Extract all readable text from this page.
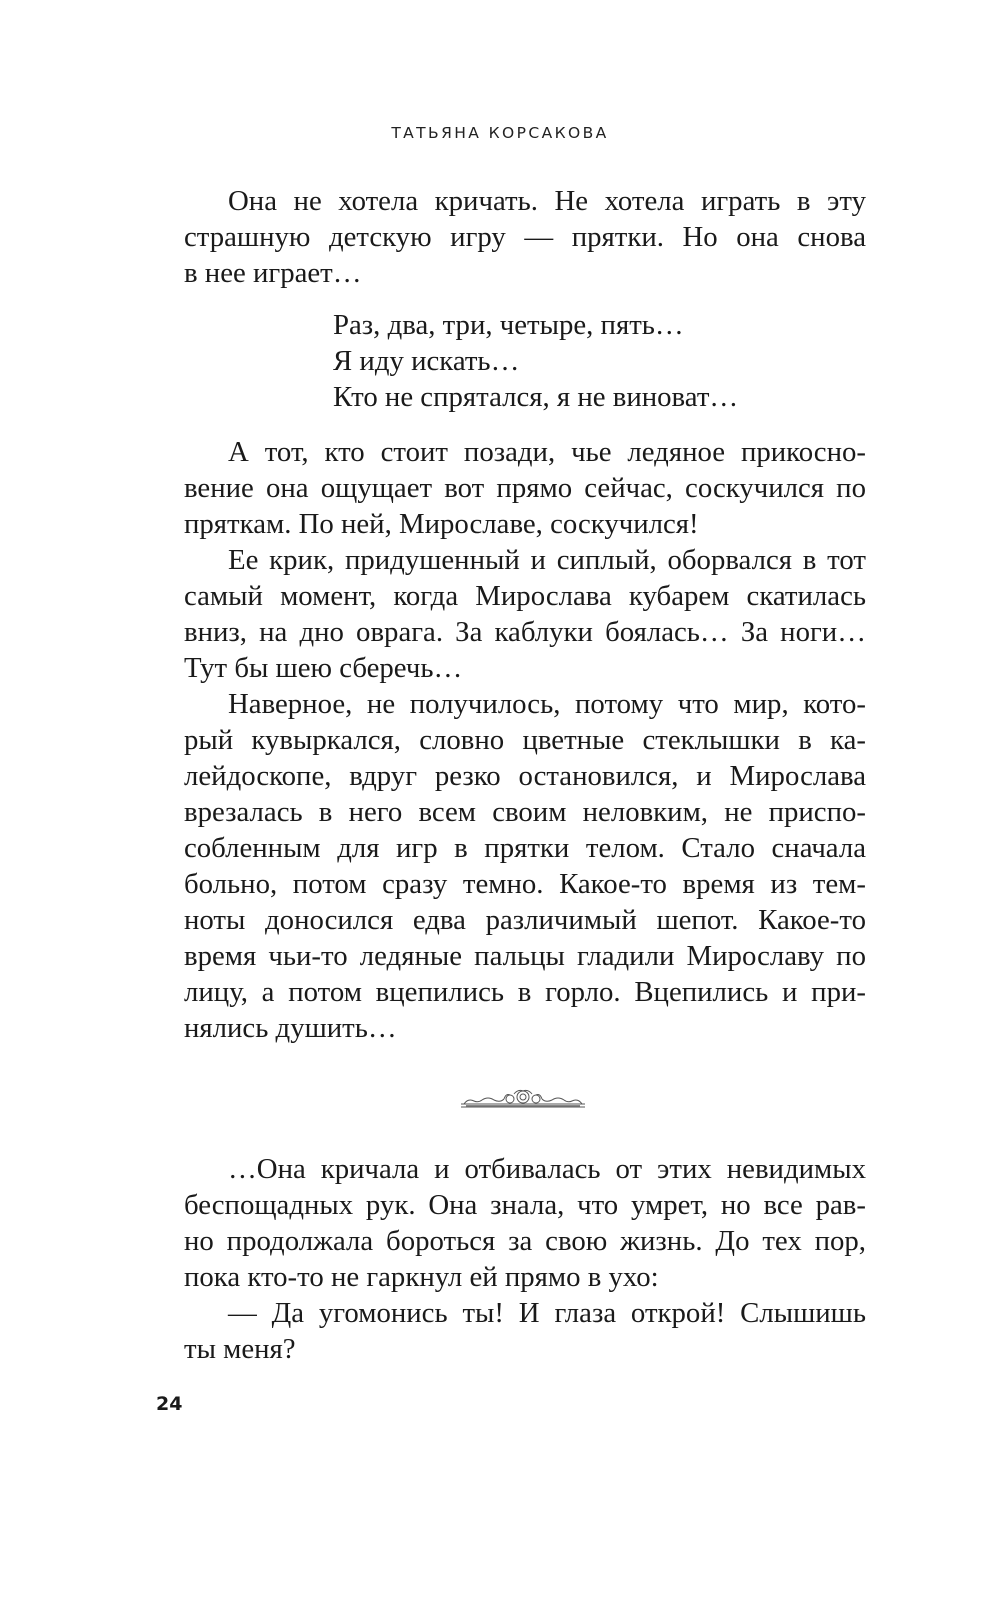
ТАТЬЯНА КОРСАКОВА
Она не хотела кричать. Не хотела играть в эту
страшную детскую игру — прятки. Но она снова
в нее играет…
Раз, два, три, четыре, пять…
Я иду искать…
Кто не спрятался, я не виноват…
А тот, кто стоит позади, чье ледяное прикосно-
вение она ощущает вот прямо сейчас, соскучился по
пряткам. По ней, Мирославе, соскучился!
Ее крик, придушенный и сиплый, оборвался в тот
самый момент, когда Мирослава кубарем скатилась
вниз, на дно оврага. За каблуки боялась… За ноги…
Тут бы шею сберечь…
Наверное, не получилось, потому что мир, кото-
рый кувыркался, словно цветные стеклышки в ка-
лейдоскопе, вдруг резко остановился, и Мирослава
врезалась в него всем своим неловким, не приспо-
собленным для игр в прятки телом. Стало сначала
больно, потом сразу темно. Какое-то время из тем-
ноты доносился едва различимый шепот. Какое-то
время чьи-то ледяные пальцы гладили Мирославу по
лицу, а потом вцепились в горло. Вцепились и при-
нялись душить…
…Она кричала и отбивалась от этих невидимых
беспощадных рук. Она знала, что умрет, но все рав-
но продолжала бороться за свою жизнь. До тех пор,
пока кто-то не гаркнул ей прямо в ухо:
— Да угомонись ты! И глаза открой! Слышишь
ты меня?
24
